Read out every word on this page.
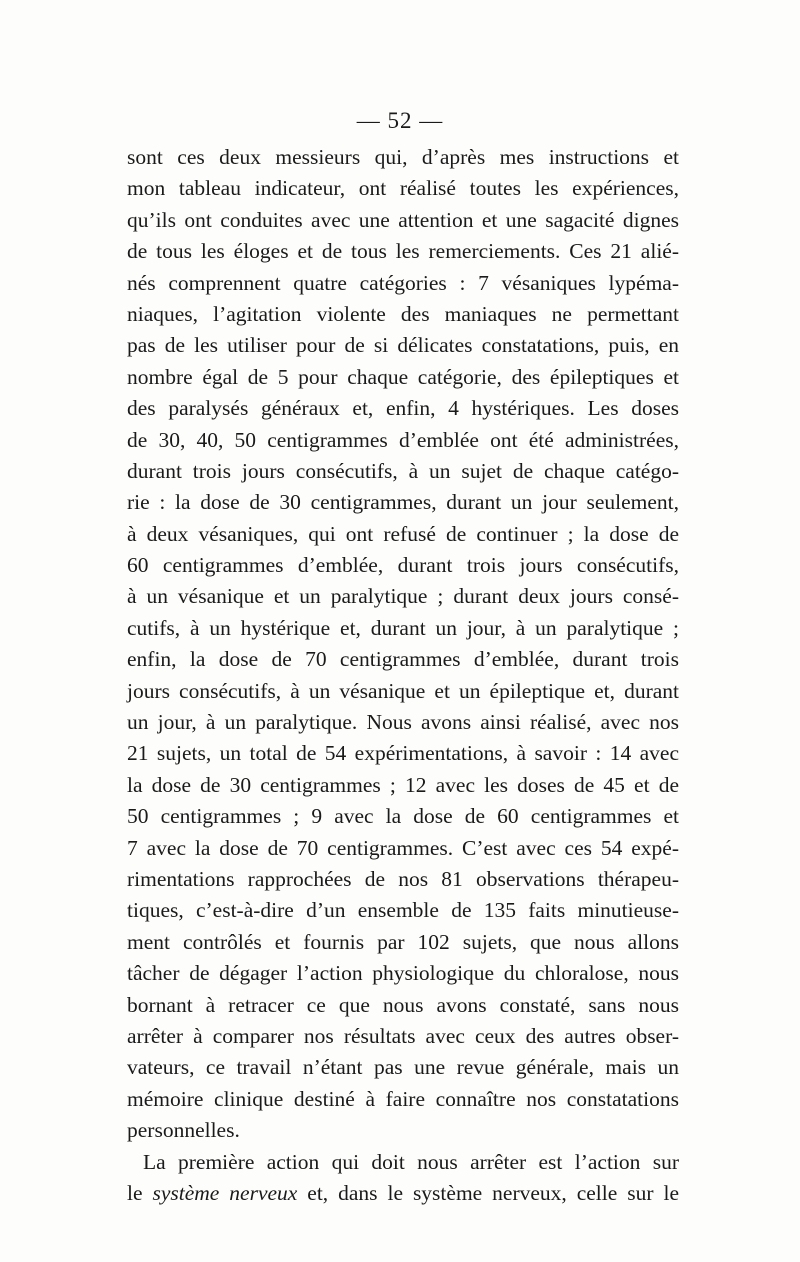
— 52 —
sont ces deux messieurs qui, d’après mes instructions et
mon tableau indicateur, ont réalisé toutes les expériences,
qu’ils ont conduites avec une attention et une sagacité dignes
de tous les éloges et de tous les remerciements. Ces 21 alié-
nés comprennent quatre catégories : 7 vésaniques lypéma-
niaques, l’agitation violente des maniaques ne permettant
pas de les utiliser pour de si délicates constatations, puis, en
nombre égal de 5 pour chaque catégorie, des épileptiques et
des paralysés généraux et, enfin, 4 hystériques. Les doses
de 30, 40, 50 centigrammes d’emblée ont été administrées,
durant trois jours consécutifs, à un sujet de chaque catégo-
rie : la dose de 30 centigrammes, durant un jour seulement,
à deux vésaniques, qui ont refusé de continuer ; la dose de
60 centigrammes d’emblée, durant trois jours consécutifs,
à un vésanique et un paralytique ; durant deux jours consé-
cutifs, à un hystérique et, durant un jour, à un paralytique ;
enfin, la dose de 70 centigrammes d’emblée, durant trois
jours consécutifs, à un vésanique et un épileptique et, durant
un jour, à un paralytique. Nous avons ainsi réalisé, avec nos
21 sujets, un total de 54 expérimentations, à savoir : 14 avec
la dose de 30 centigrammes ; 12 avec les doses de 45 et de
50 centigrammes ; 9 avec la dose de 60 centigrammes et
7 avec la dose de 70 centigrammes. C’est avec ces 54 expé-
rimentations rapprochées de nos 81 observations thérapeu-
tiques, c’est-à-dire d’un ensemble de 135 faits minutieuse-
ment contrôlés et fournis par 102 sujets, que nous allons
tâcher de dégager l’action physiologique du chloralose, nous
bornant à retracer ce que nous avons constaté, sans nous
arrêter à comparer nos résultats avec ceux des autres obser-
vateurs, ce travail n’étant pas une revue générale, mais un
mémoire clinique destiné à faire connaître nos constatations
personnelles.
La première action qui doit nous arrêter est l’action sur
le système nerveux et, dans le système nerveux, celle sur le
